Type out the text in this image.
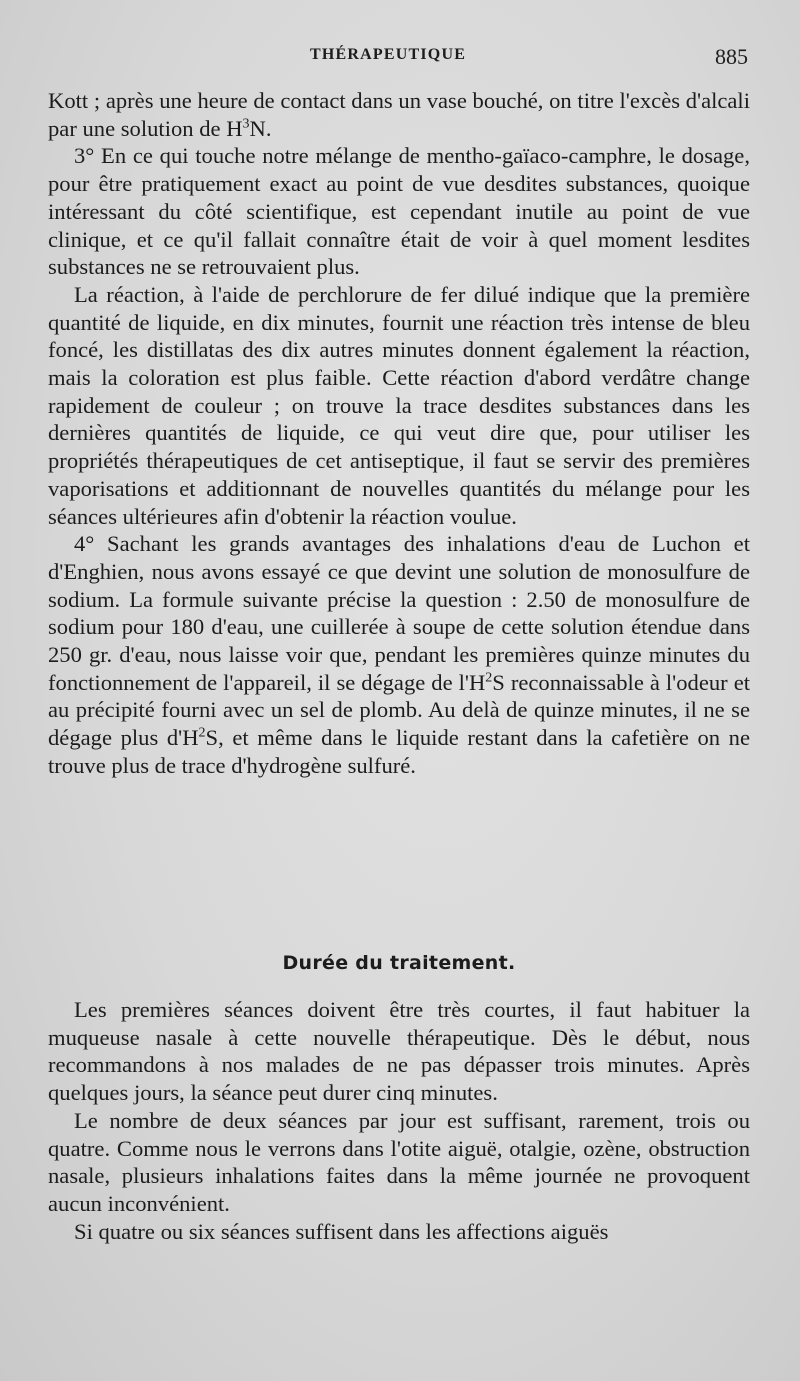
THÉRAPEUTIQUE	885

Kott ; après une heure de contact dans un vase bouché, on titre l'excès d'alcali par une solution de $H^3N$.

3° En ce qui touche notre mélange de mentho-gaïaco-camphre, le dosage, pour être pratiquement exact au point de vue desdites substances, quoique intéressant du côté scientifique, est cependant inutile au point de vue clinique, et ce qu'il fallait connaître était de voir à quel moment lesdites substances ne se retrouvaient plus.

La réaction, à l'aide de perchlorure de fer dilué indique que la première quantité de liquide, en dix minutes, fournit une réaction très intense de bleu foncé, les distillatas des dix autres minutes donnent également la réaction, mais la coloration est plus faible. Cette réaction d'abord verdâtre change rapidement de couleur ; on trouve la trace desdites substances dans les dernières quantités de liquide, ce qui veut dire que, pour utiliser les propriétés thérapeutiques de cet antiseptique, il faut se servir des premières vaporisations et additionnant de nouvelles quantités du mélange pour les séances ultérieures afin d'obtenir la réaction voulue.

4° Sachant les grands avantages des inhalations d'eau de Luchon et d'Enghien, nous avons essayé ce que devint une solution de monosulfure de sodium. La formule suivante précise la question : 2.50 de monosulfure de sodium pour 180 d'eau, une cuillerée à soupe de cette solution étendue dans 250 gr. d'eau, nous laisse voir que, pendant les premières quinze minutes du fonctionnement de l'appareil, il se dégage de $l'H^2S$ reconnaissable à l'odeur et au précipité fourni avec un sel de plomb. Au delà de quinze minutes, il ne se dégage plus $d'H^2S$, et même dans le liquide restant dans la cafetière on ne trouve plus de trace d'hydrogène sulfuré.

Durée du traitement.

Les premières séances doivent être très courtes, il faut habituer la muqueuse nasale à cette nouvelle thérapeutique. Dès le début, nous recommandons à nos malades de ne pas dépasser trois minutes. Après quelques jours, la séance peut durer cinq minutes.

Le nombre de deux séances par jour est suffisant, rarement, trois ou quatre. Comme nous le verrons dans l'otite aiguë, otalgie, ozène, obstruction nasale, plusieurs inhalations faites dans la même journée ne provoquent aucun inconvénient.

Si quatre ou six séances suffisent dans les affections aiguës
